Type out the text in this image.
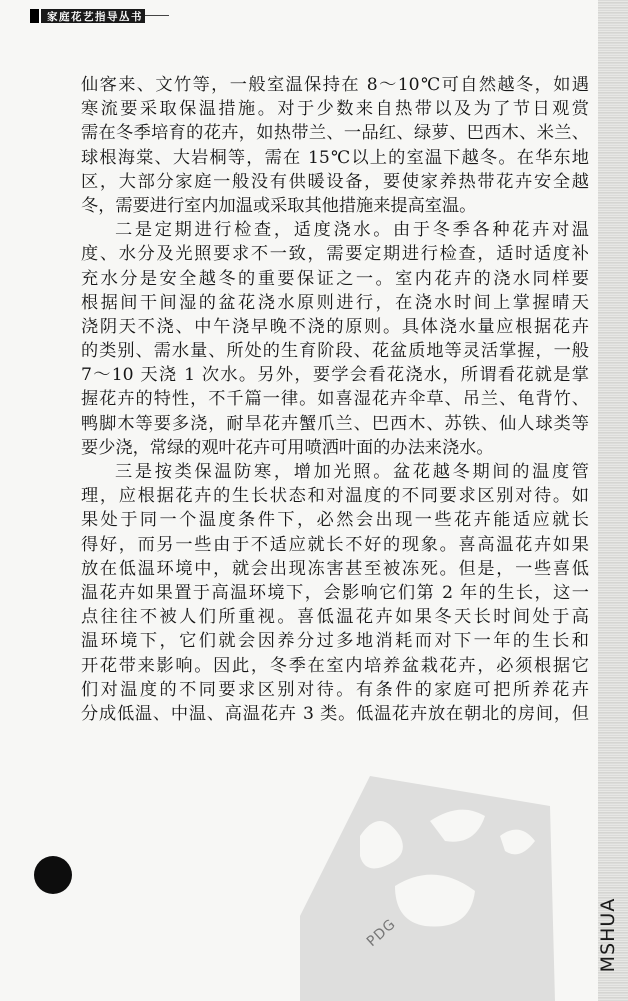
家庭花艺指导丛书
仙客来、文竹等，一般室温保持在 8～10℃可自然越冬，如遇
寒流要采取保温措施。对于少数来自热带以及为了节日观赏
需在冬季培育的花卉，如热带兰、一品红、绿萝、巴西木、米兰、
球根海棠、大岩桐等，需在 15℃以上的室温下越冬。在华东地
区，大部分家庭一般没有供暖设备，要使家养热带花卉安全越
冬，需要进行室内加温或采取其他措施来提高室温。
二是定期进行检查，适度浇水。由于冬季各种花卉对温
度、水分及光照要求不一致，需要定期进行检查，适时适度补
充水分是安全越冬的重要保证之一。室内花卉的浇水同样要
根据间干间湿的盆花浇水原则进行，在浇水时间上掌握晴天
浇阴天不浇、中午浇早晚不浇的原则。具体浇水量应根据花卉
的类别、需水量、所处的生育阶段、花盆质地等灵活掌握，一般
7～10 天浇 1 次水。另外，要学会看花浇水，所谓看花就是掌
握花卉的特性，不千篇一律。如喜湿花卉伞草、吊兰、龟背竹、
鸭脚木等要多浇，耐旱花卉蟹爪兰、巴西木、苏铁、仙人球类等
要少浇，常绿的观叶花卉可用喷洒叶面的办法来浇水。
三是按类保温防寒，增加光照。盆花越冬期间的温度管
理，应根据花卉的生长状态和对温度的不同要求区别对待。如
果处于同一个温度条件下，必然会出现一些花卉能适应就长
得好，而另一些由于不适应就长不好的现象。喜高温花卉如果
放在低温环境中，就会出现冻害甚至被冻死。但是，一些喜低
温花卉如果置于高温环境下，会影响它们第 2 年的生长，这一
点往往不被人们所重视。喜低温花卉如果冬天长时间处于高
温环境下，它们就会因养分过多地消耗而对下一年的生长和
开花带来影响。因此，冬季在室内培养盆栽花卉，必须根据它
们对温度的不同要求区别对待。有条件的家庭可把所养花卉
分成低温、中温、高温花卉 3 类。低温花卉放在朝北的房间，但
PDG	MSHUA
